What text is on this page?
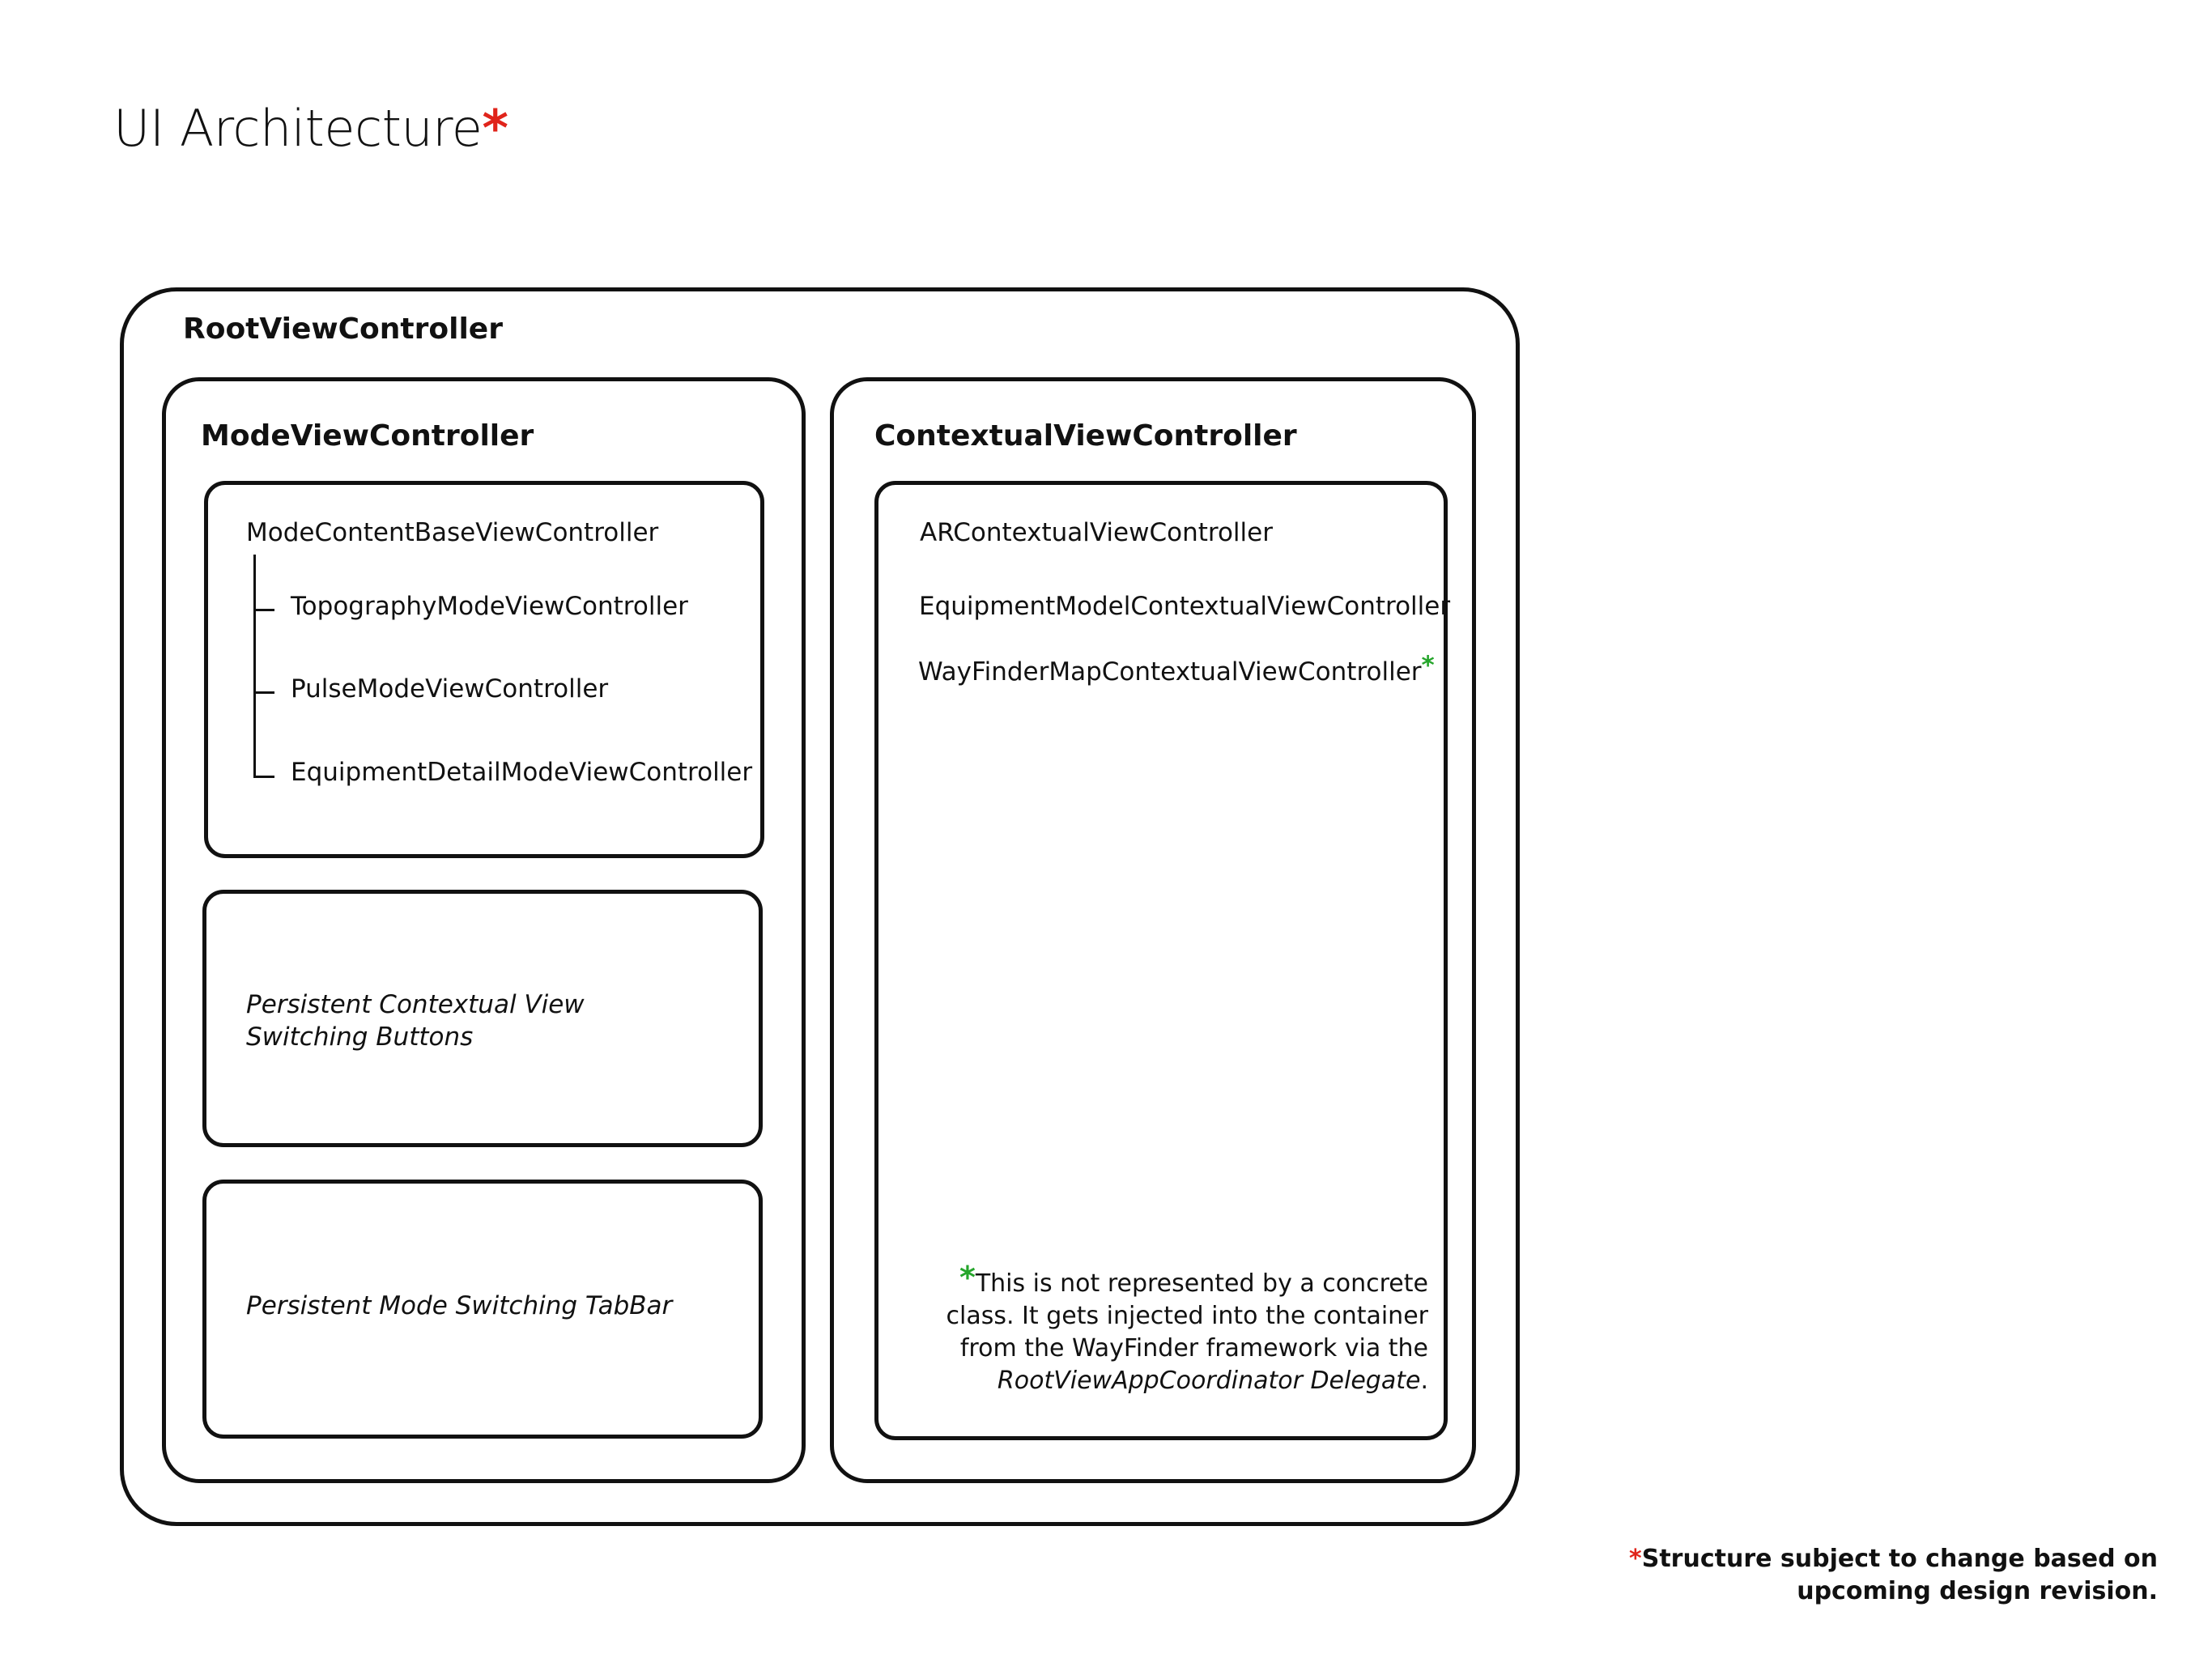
UI Architecture*
RootViewController
ModeViewController
ModeContentBaseViewController
TopographyModeViewController
PulseModeViewController
EquipmentDetailModeViewController
Persistent Contextual View
Switching Buttons
Persistent Mode Switching TabBar
ContextualViewController
ARContextualViewController
EquipmentModelContextualViewController
WayFinderMapContextualViewController*
*This is not represented by a concrete
class. It gets injected into the container
from the WayFinder framework via the
RootViewAppCoordinator Delegate.
*Structure subject to change based on
upcoming design revision.
